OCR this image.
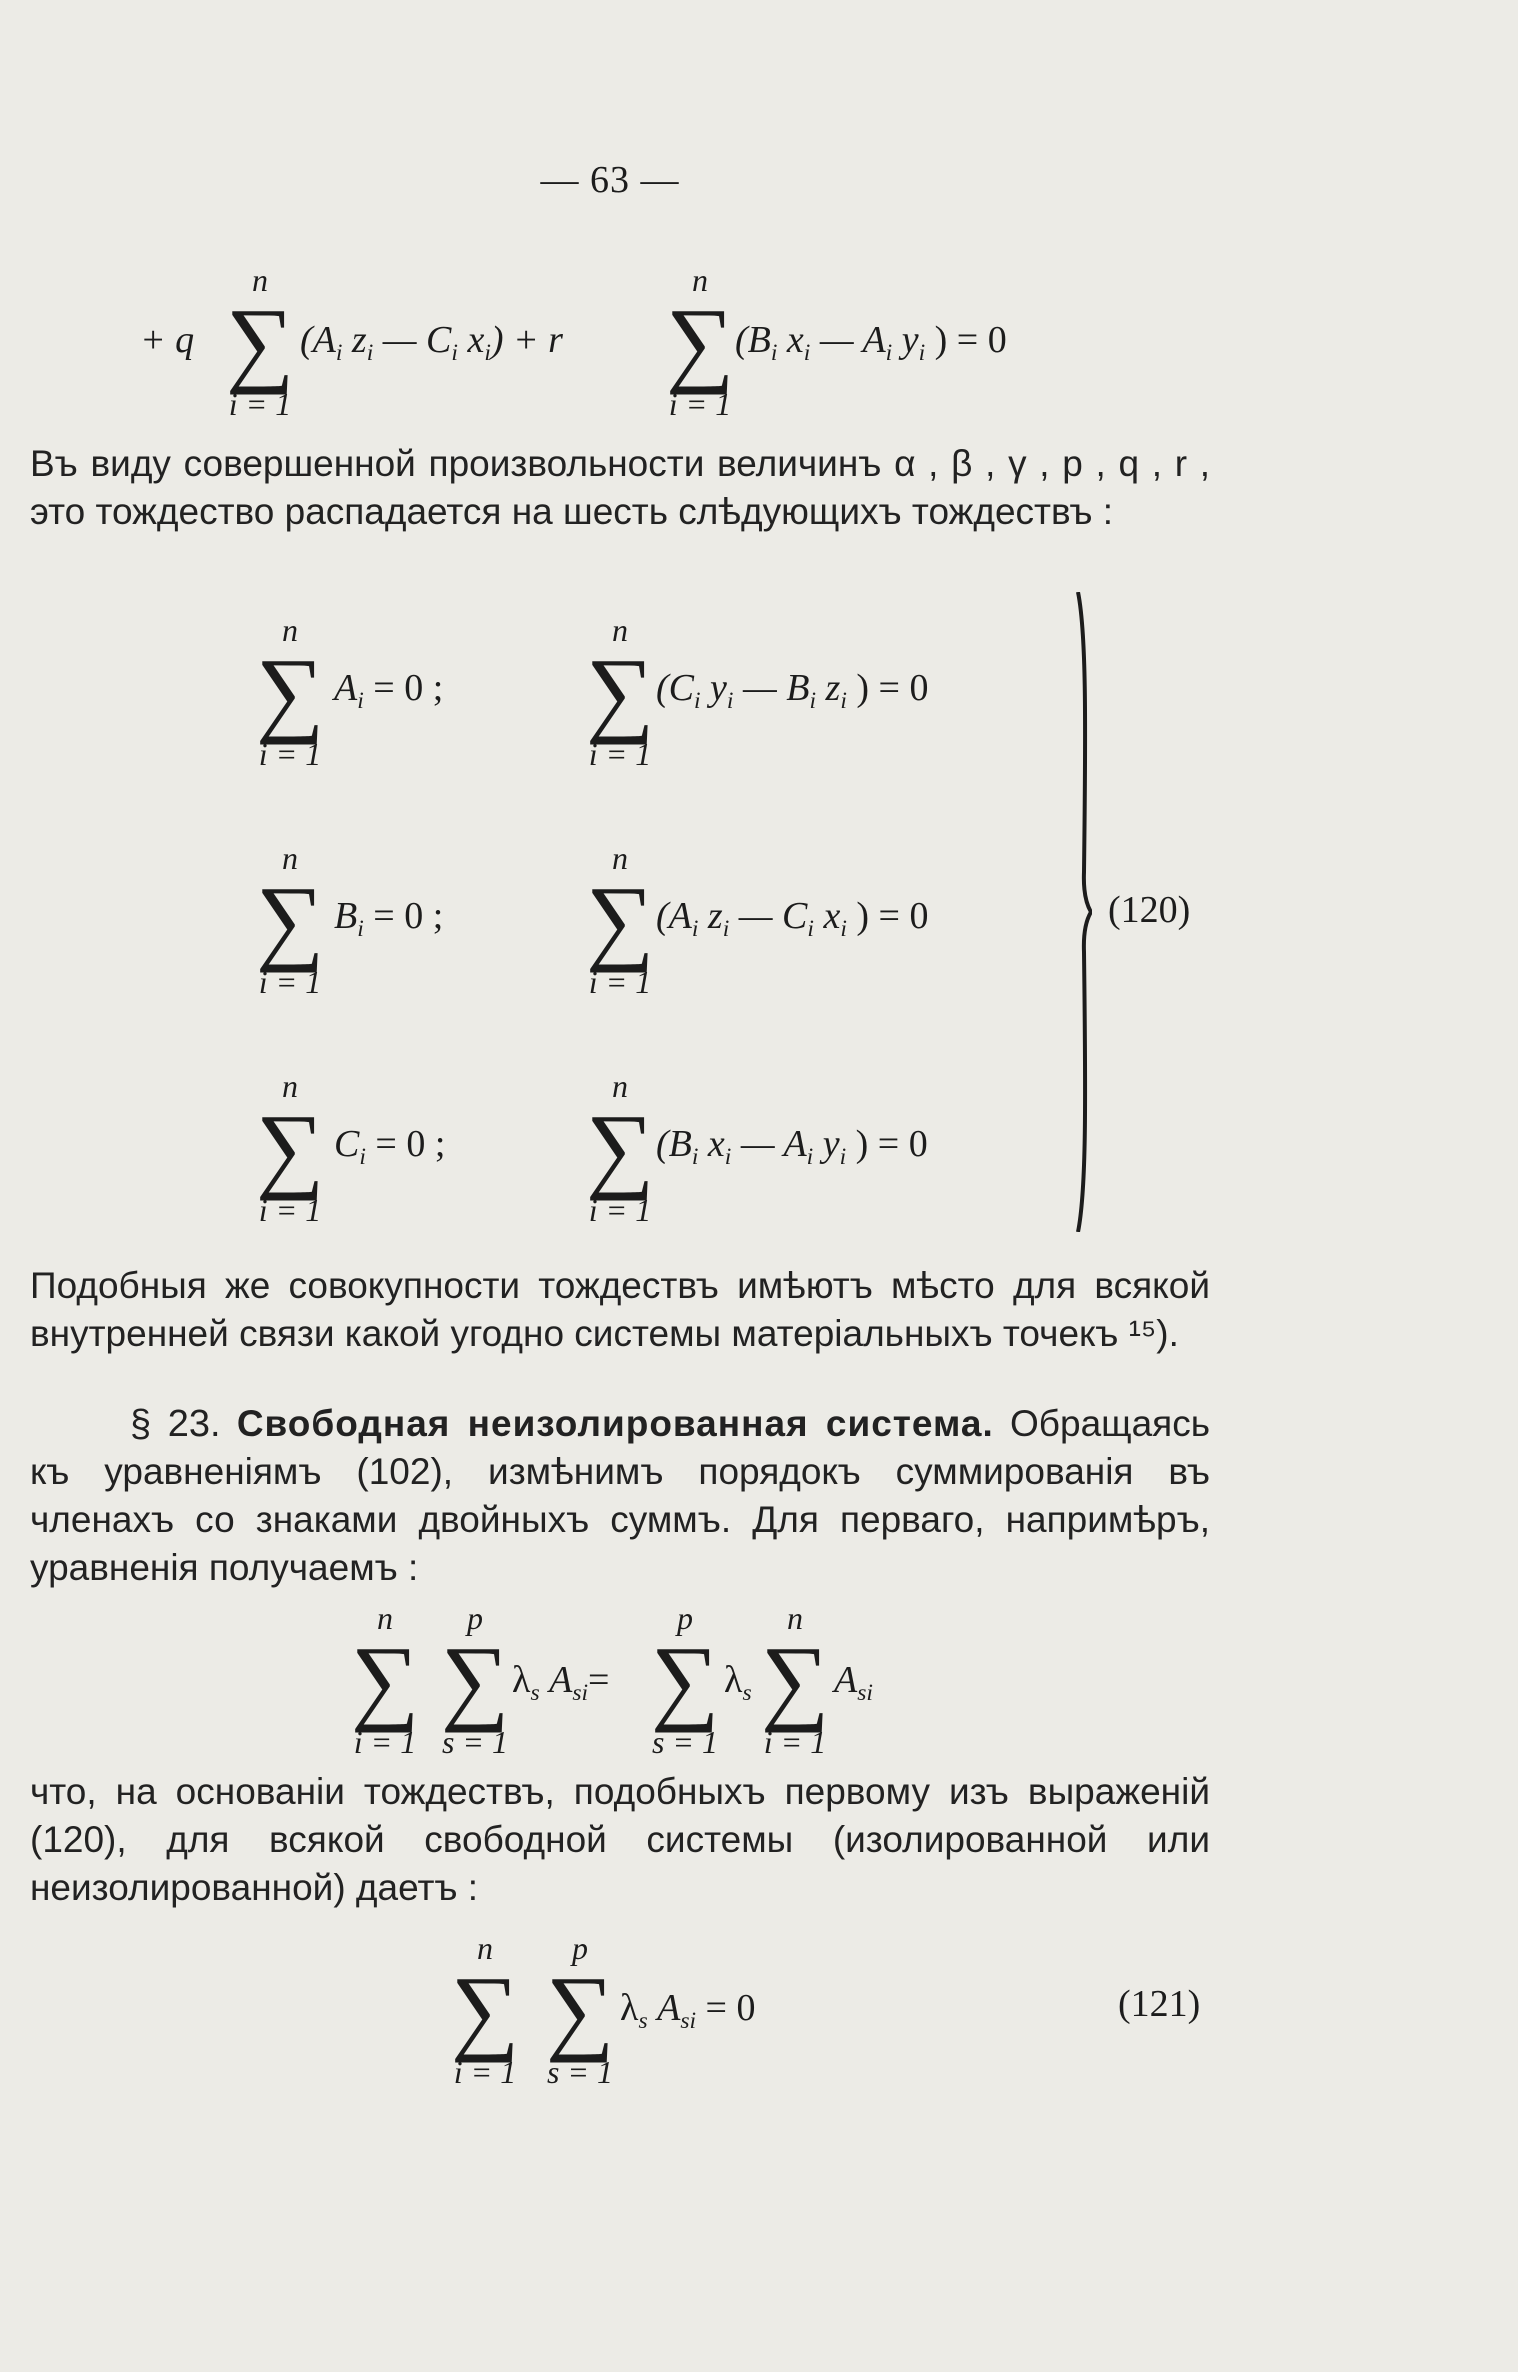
— 63 —
+ q
n
∑
i = 1
($A_i$ $z_i$ — $C_i$ $x_i) + r$
n
∑
i = 1
($B_i$ $x_i$ — $A_i$ $y_i$ ) = 0

Въ виду совершенной произвольности величинъ α , β , γ , p , q , r , это тождество распадается на шесть слѣдующихъ тождествъ :

n
∑
i = 1
$A_i = 0$ ;
n
∑
i = 1
($C_i$ $y_i$ — $B_i$ $z_i$ ) = 0
n
∑
i = 1
$B_i = 0$ ;
n
∑
i = 1
($A_i$ $z_i$ — $C_i$ $x_i$ ) = 0
n
∑
i = 1
$C_i = 0$ ;
n
∑
i = 1
($B_i$ $x_i$ — $A_i$ $y_i$ ) = 0
(120)

Подобныя же совокупности тождествъ имѣютъ мѣсто для всякой внутренней связи какой угодно системы матеріальныхъ точекъ ¹⁵).

§ 23. Свободная неизолированная система. Обращаясь къ уравненіямъ (102), измѣнимъ порядокъ суммированія въ членахъ со знаками двойныхъ суммъ. Для перваго, напримѣръ, уравненія получаемъ :

n
∑
i = 1
p
∑
s = 1
$\lambda_s$ $A_{si}=$
p
∑
s = 1
$\lambda_s$
n
∑
i = 1
$A_{si}$

что, на основаніи тождествъ, подобныхъ первому изъ выраженій (120), для всякой свободной системы (изолированной или неизолированной) даетъ :

n
∑
i = 1
p
∑
s = 1
$\lambda_s$ $A_{si} = 0$	(121)
